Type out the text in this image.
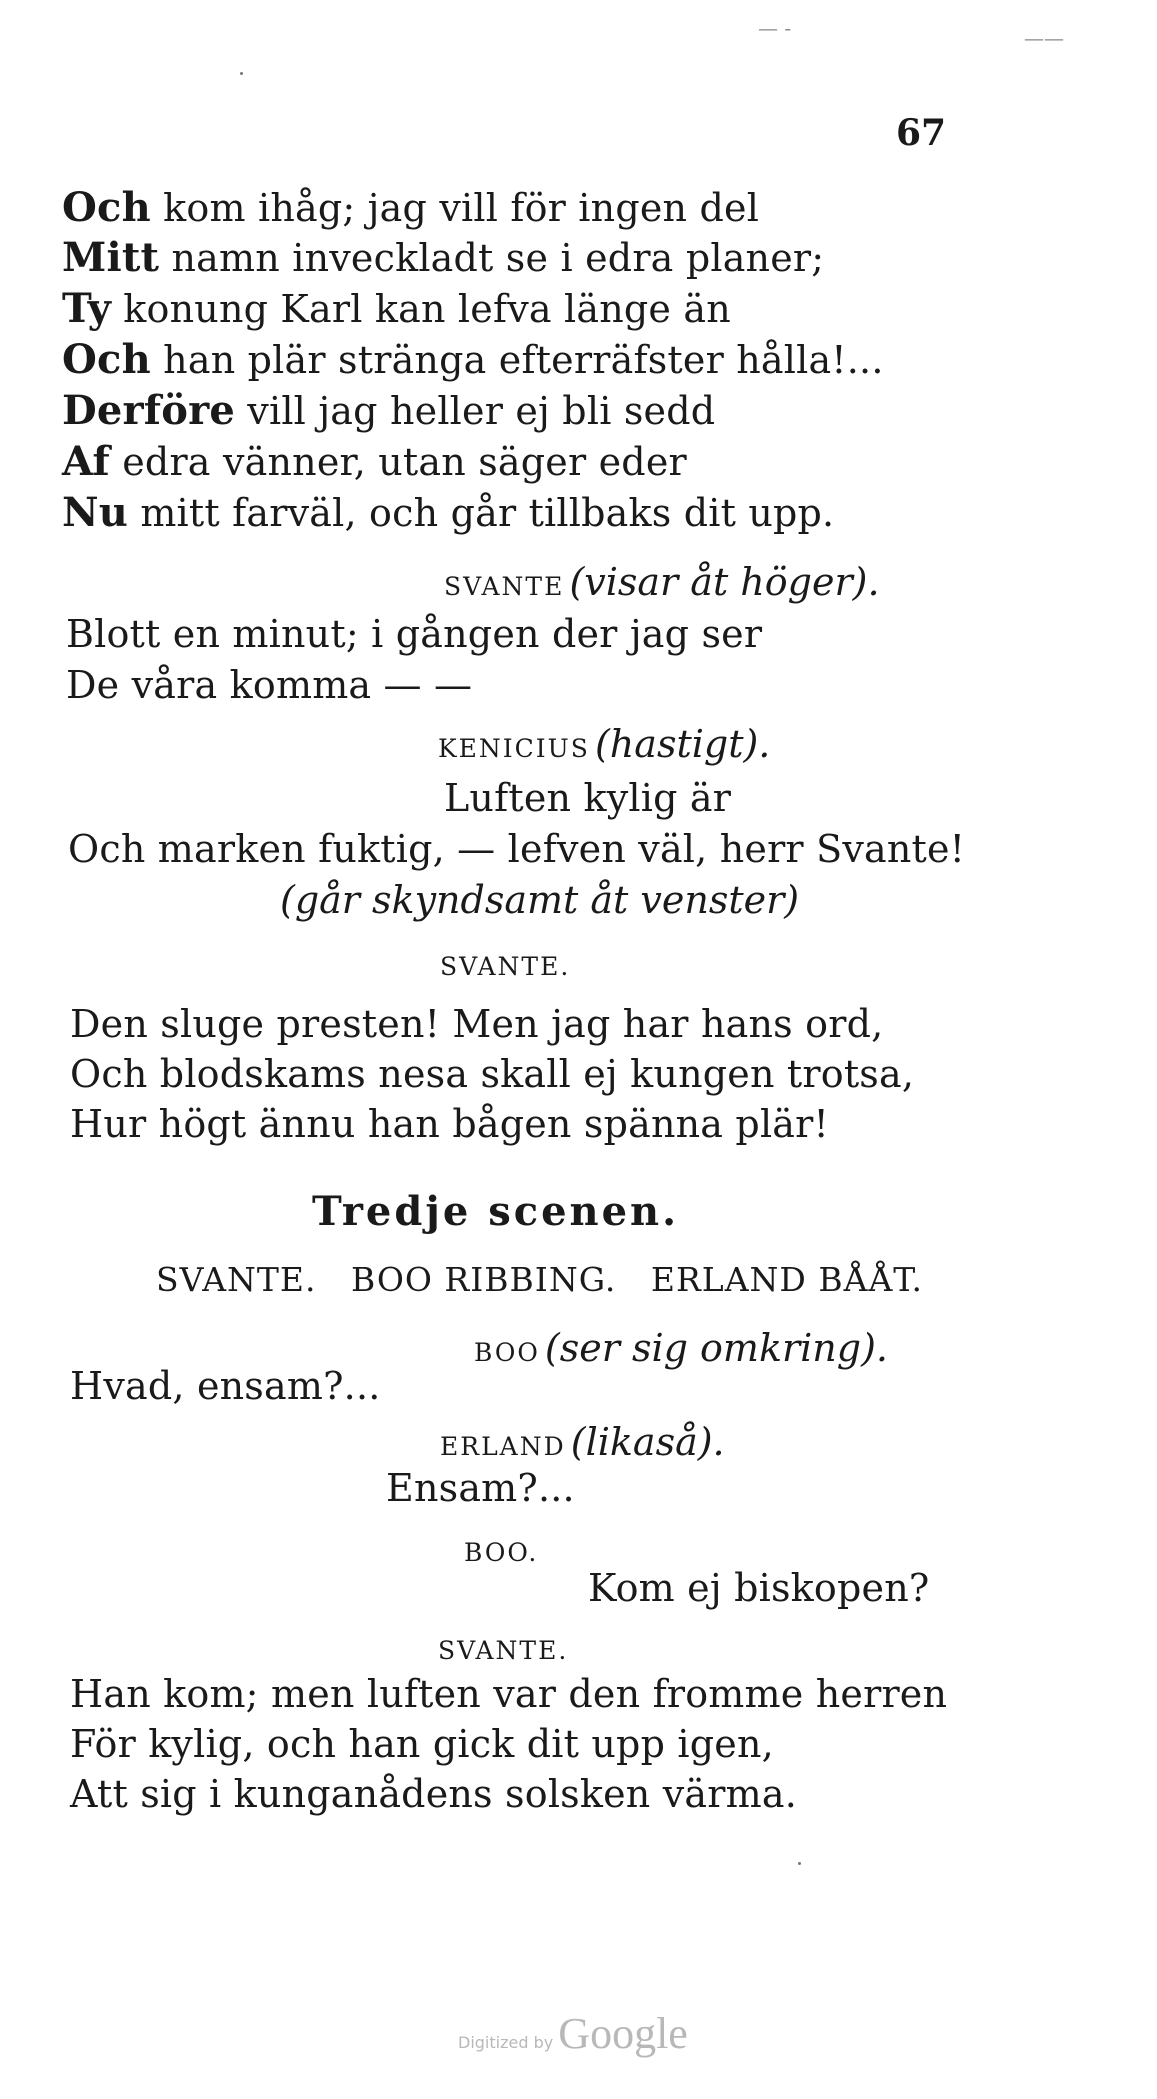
— -	——
67
Och kom ihåg; jag vill för ingen del
Mitt namn inveckladt se i edra planer;
Ty konung Karl kan lefva länge än
Och han plär stränga efterräfster hålla!...
Derföre vill jag heller ej bli sedd
Af edra vänner, utan säger eder
Nu mitt farväl, och går tillbaks dit upp.
SVANTE (visar åt höger).
Blott en minut; i gången der jag ser
De våra komma — —
KENICIUS (hastigt).
Luften kylig är
Och marken fuktig, — lefven väl, herr Svante!
(går skyndsamt åt venster)
SVANTE.
Den sluge presten! Men jag har hans ord,
Och blodskams nesa skall ej kungen trotsa,
Hur högt ännu han bågen spänna plär!
Tredje scenen.
SVANTE.   BOO RIBBING.   ERLAND BÅÅT.
BOO (ser sig omkring).
Hvad, ensam?...
ERLAND (likaså).
Ensam?...
BOO.
Kom ej biskopen?
SVANTE.
Han kom; men luften var den fromme herren
För kylig, och han gick dit upp igen,
Att sig i kunganådens solsken värma.
Digitized by Google
